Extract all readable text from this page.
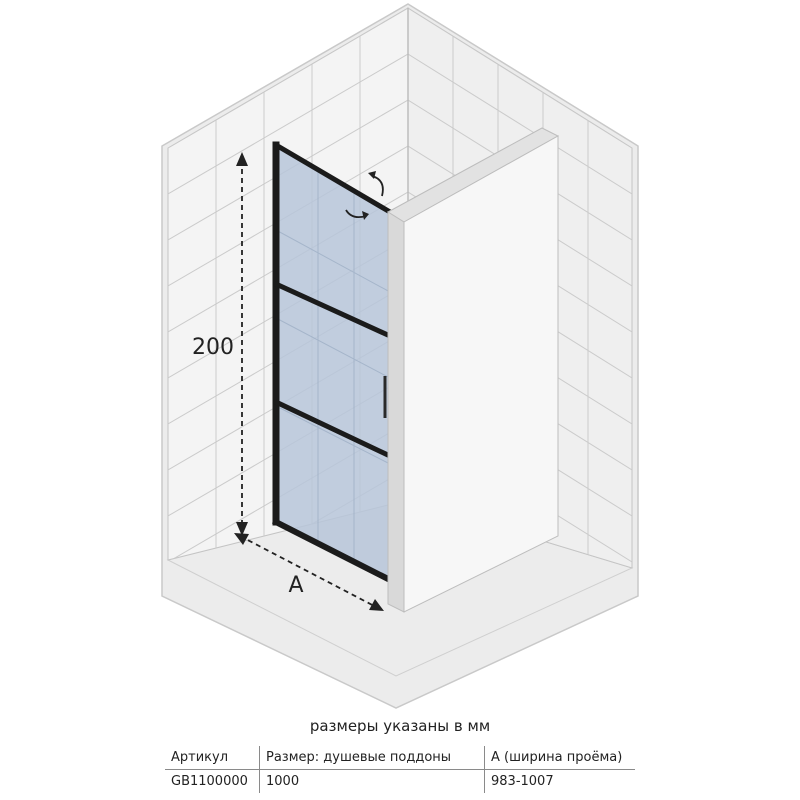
200
A
размеры указаны в мм
Артикул	Размер: душевые поддоны	А (ширина проёма)
GB1100000	1000	983-1007
